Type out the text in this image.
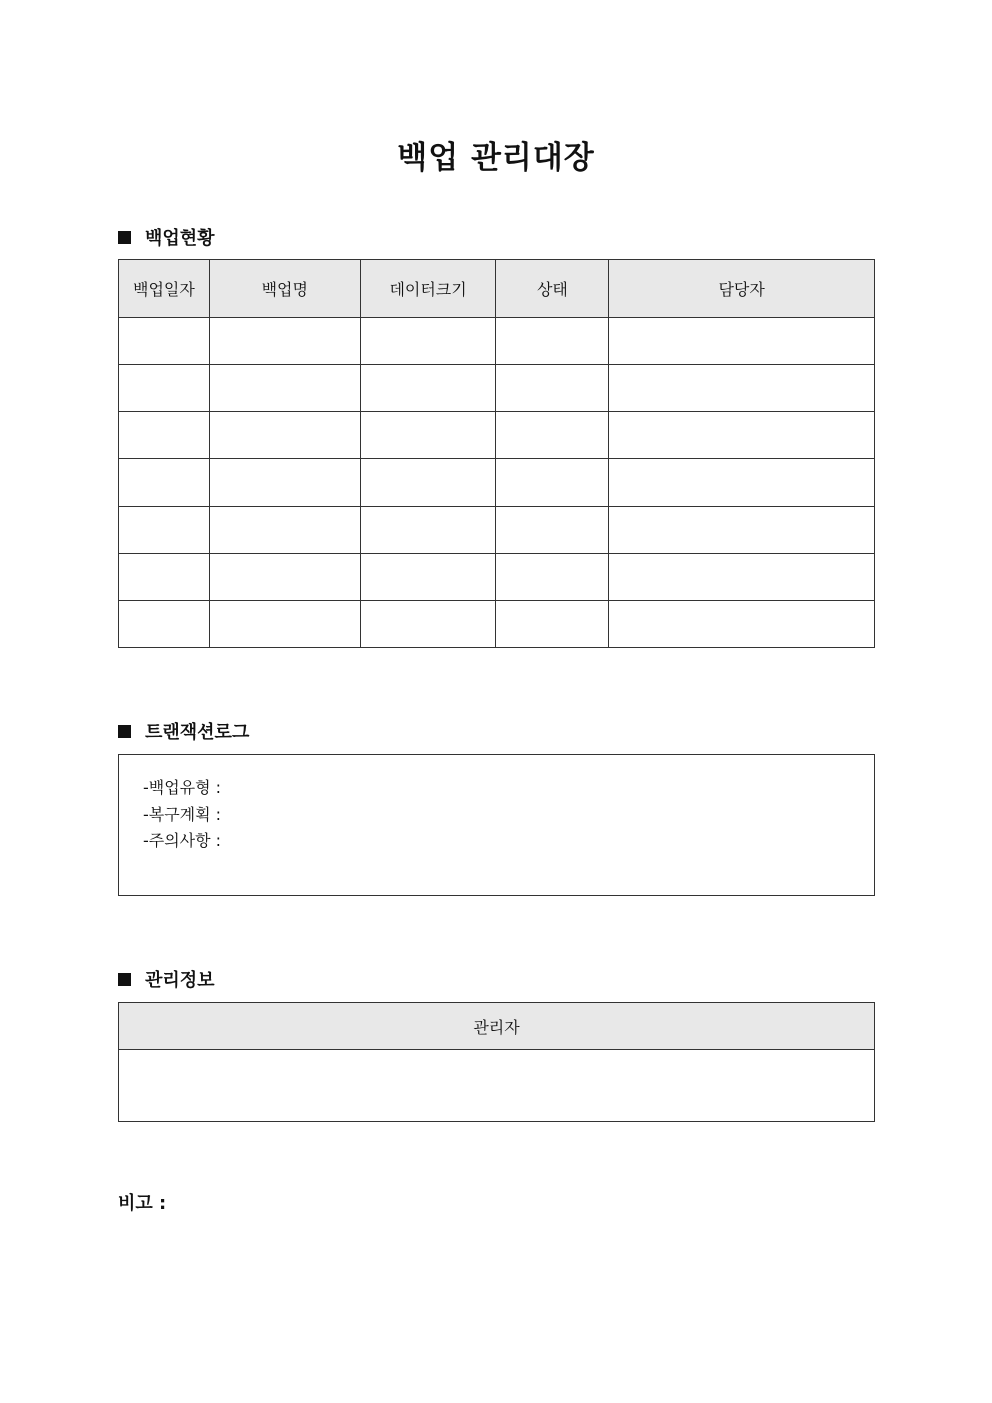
백업 관리대장
백업현황
백업일자	백업명	데이터크기	상태	담당자

트랜잭션로그
-백업유형 :
-복구계획 :
-주의사항 :
관리정보
관리자

비고 :
